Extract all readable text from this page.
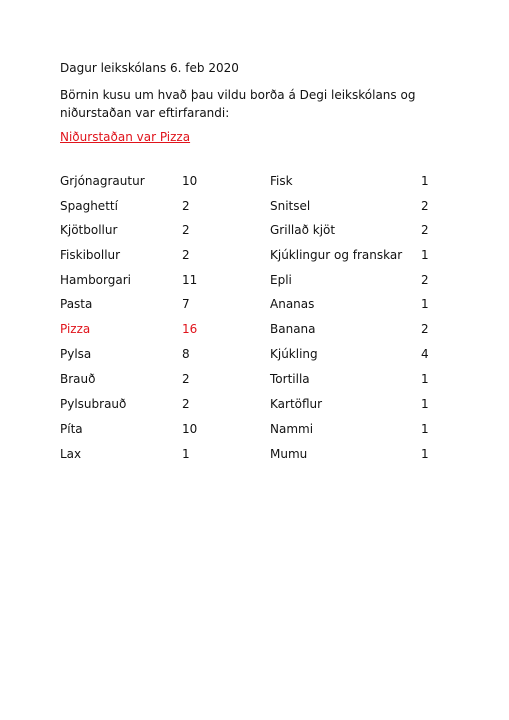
Dagur leikskólans 6. feb 2020
Börnin kusu um hvað þau vildu borða á Degi leikskólans og niðurstaðan var eftirfarandi:
Niðurstaðan var Pizza
Grjónagrautur	10	Fisk	1
Spaghettí	2	Snitsel	2
Kjötbollur	2	Grillað kjöt	2
Fiskibollur	2	Kjúklingur og franskar 1
Hamborgari	11	Epli	2
Pasta	7	Ananas	1
Pizza	16	Banana	2
Pylsa	8	Kjúkling	4
Brauð	2	Tortilla	1
Pylsubrauð	2	Kartöflur	1
Píta	10	Nammi	1
Lax	1	Mumu	1
